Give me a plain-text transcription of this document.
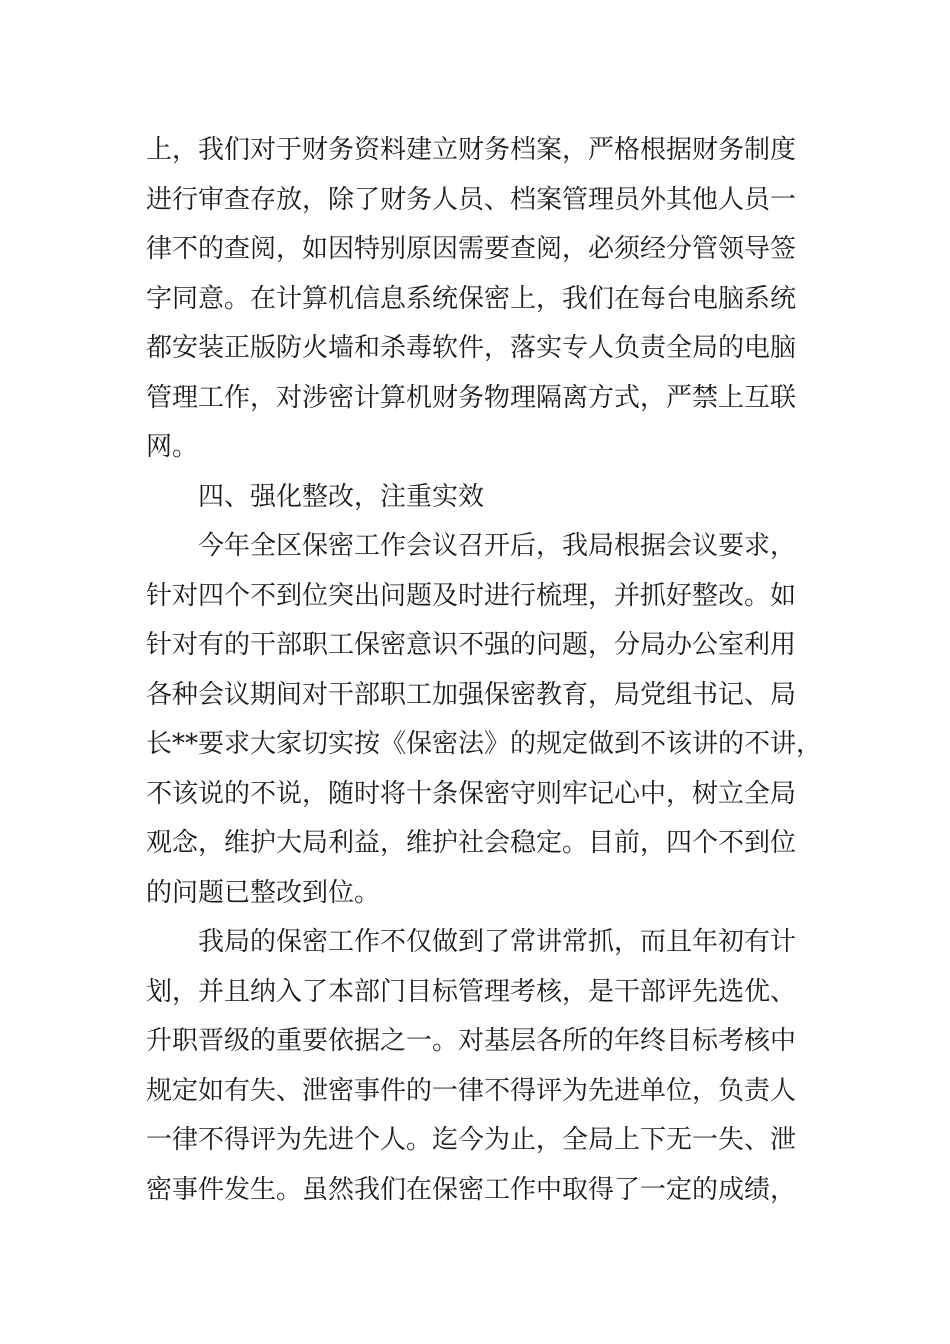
上，我们对于财务资料建立财务档案，严格根据财务制度
进行审查存放，除了财务人员、档案管理员外其他人员一
律不的查阅，如因特别原因需要查阅，必须经分管领导签
字同意。在计算机信息系统保密上，我们在每台电脑系统
都安装正版防火墙和杀毒软件，落实专人负责全局的电脑
管理工作，对涉密计算机财务物理隔离方式，严禁上互联
网。
四、强化整改，注重实效
今年全区保密工作会议召开后，我局根据会议要求，
针对四个不到位突出问题及时进行梳理，并抓好整改。如
针对有的干部职工保密意识不强的问题，分局办公室利用
各种会议期间对干部职工加强保密教育，局党组书记、局
长**要求大家切实按《保密法》的规定做到不该讲的不讲，
不该说的不说，随时将十条保密守则牢记心中，树立全局
观念，维护大局利益，维护社会稳定。目前，四个不到位
的问题已整改到位。
我局的保密工作不仅做到了常讲常抓，而且年初有计
划，并且纳入了本部门目标管理考核，是干部评先选优、
升职晋级的重要依据之一。对基层各所的年终目标考核中
规定如有失、泄密事件的一律不得评为先进单位，负责人
一律不得评为先进个人。迄今为止，全局上下无一失、泄
密事件发生。虽然我们在保密工作中取得了一定的成绩，
